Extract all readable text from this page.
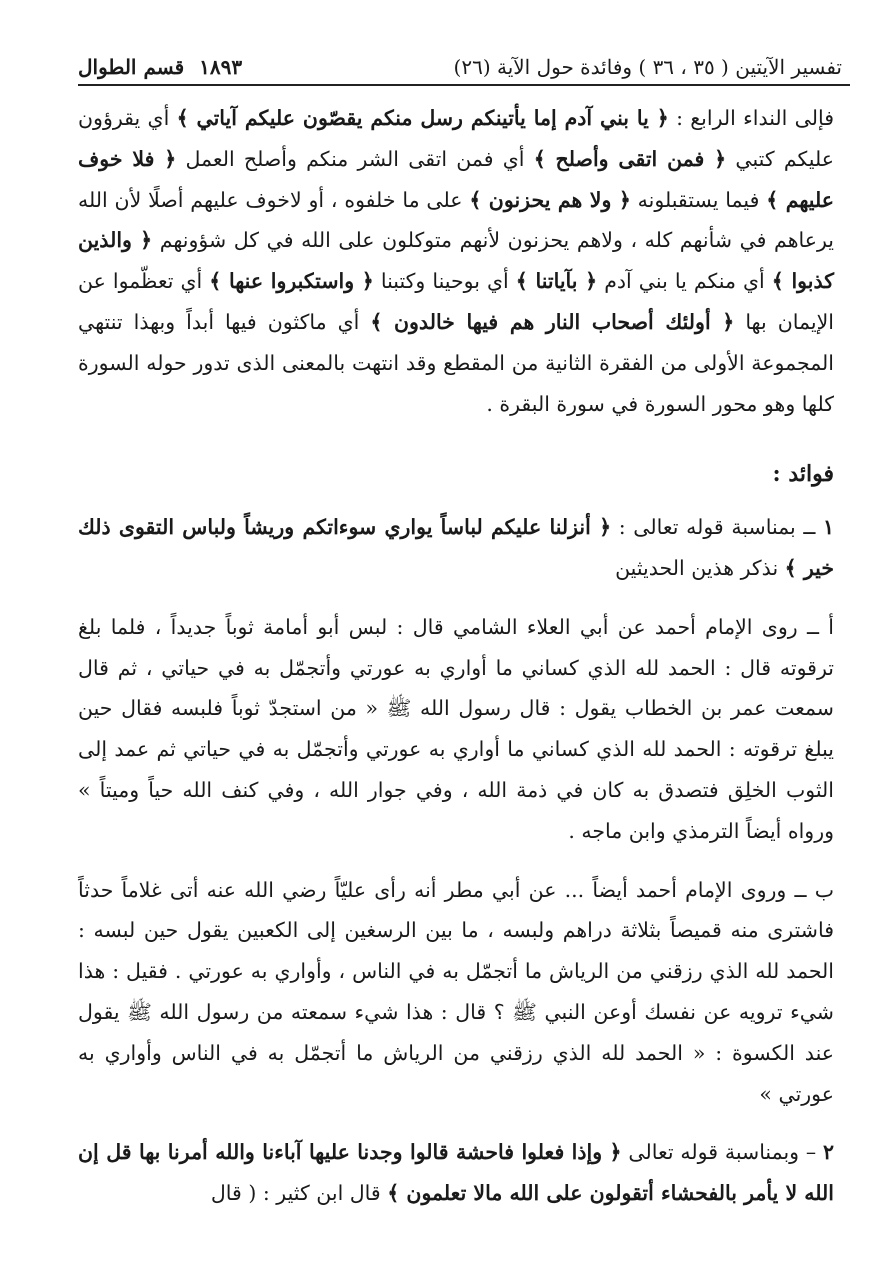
تفسير الآيتين ( ٣٥ ، ٣٦ ) وفائدة حول الآية (٢٦)
١٨٩٣ قسم الطوال

فإلى النداء الرابع : ﴿ يا بني آدم إما يأتينكم رسل منكم يقصّون عليكم آياتي ﴾ أي يقرؤون عليكم كتبي ﴿ فمن اتقى وأصلح ﴾ أي فمن اتقى الشر منكم وأصلح العمل ﴿ فلا خوف عليهم ﴾ فيما يستقبلونه ﴿ ولا هم يحزنون ﴾ على ما خلفوه ، أو لاخوف عليهم أصلًا لأن الله يرعاهم في شأنهم كله ، ولاهم يحزنون لأنهم متوكلون على الله في كل شؤونهم ﴿ والذين كذبوا ﴾ أي منكم يا بني آدم ﴿ بآياتنا ﴾ أي بوحينا وكتبنا ﴿ واستكبروا عنها ﴾ أي تعظّموا عن الإيمان بها ﴿ أولئك أصحاب النار هم فيها خالدون ﴾ أي ماكثون فيها أبداً وبهذا تنتهي المجموعة الأولى من الفقرة الثانية من المقطع وقد انتهت بالمعنى الذى تدور حوله السورة كلها وهو محور السورة في سورة البقرة .

فوائد :

١ ــ بمناسبة قوله تعالى : ﴿ أنزلنا عليكم لباساً يواري سوءاتكم وريشاً ولباس التقوى ذلك خير ﴾ نذكر هذين الحديثين

أ ــ روى الإمام أحمد عن أبي العلاء الشامي قال : لبس أبو أمامة ثوباً جديداً ، فلما بلغ ترقوته قال : الحمد لله الذي كساني ما أواري به عورتي وأتجمّل به في حياتي ، ثم قال سمعت عمر بن الخطاب يقول : قال رسول الله ﷺ « من استجدّ ثوباً فلبسه فقال حين يبلغ ترقوته : الحمد لله الذي كساني ما أواري به عورتي وأتجمّل به في حياتي ثم عمد إلى الثوب الخلِق فتصدق به كان في ذمة الله ، وفي جوار الله ، وفي كنف الله حياً وميتاً » ورواه أيضاً الترمذي وابن ماجه .

ب ــ وروى الإمام أحمد أيضاً ... عن أبي مطر أنه رأى عليّاً رضي الله عنه أتى غلاماً حدثاً فاشترى منه قميصاً بثلاثة دراهم ولبسه ، ما بين الرسغين إلى الكعبين يقول حين لبسه : الحمد لله الذي رزقني من الرياش ما أتجمّل به في الناس ، وأواري به عورتي . فقيل : هذا شيء ترويه عن نفسك أوعن النبي ﷺ ؟ قال : هذا شيء سمعته من رسول الله ﷺ يقول عند الكسوة : « الحمد لله الذي رزقني من الرياش ما أتجمّل به في الناس وأواري به عورتي »

٢ – وبمناسبة قوله تعالى ﴿ وإذا فعلوا فاحشة قالوا وجدنا عليها آباءنا والله أمرنا بها قل إن الله لا يأمر بالفحشاء أتقولون على الله مالا تعلمون ﴾ قال ابن كثير : ( قال
